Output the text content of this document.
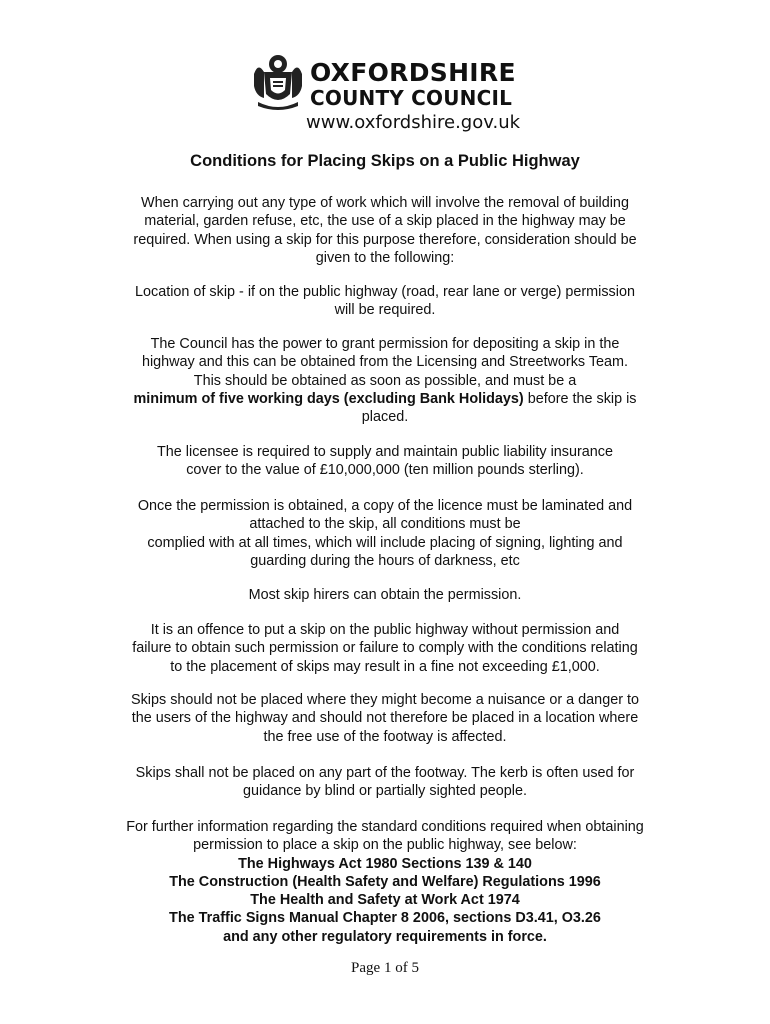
OXFORDSHIRE
COUNTY COUNCIL
www.oxfordshire.gov.uk
Conditions for Placing Skips on a Public Highway
When carrying out any type of work which will involve the removal of building
material, garden refuse, etc, the use of a skip placed in the highway may be
required. When using a skip for this purpose therefore, consideration should be
given to the following:
Location of skip - if on the public highway (road, rear lane or verge) permission
will be required.
The Council has the power to grant permission for depositing a skip in the
highway and this can be obtained from the Licensing and Streetworks Team.
This should be obtained as soon as possible, and must be a
minimum of five working days (excluding Bank Holidays) before the skip is
placed.
The licensee is required to supply and maintain public liability insurance
cover to the value of £10,000,000 (ten million pounds sterling).
Once the permission is obtained, a copy of the licence must be laminated and
attached to the skip, all conditions must be
complied with at all times, which will include placing of signing, lighting and
guarding during the hours of darkness, etc
Most skip hirers can obtain the permission.
It is an offence to put a skip on the public highway without permission and
failure to obtain such permission or failure to comply with the conditions relating
to the placement of skips may result in a fine not exceeding £1,000.
Skips should not be placed where they might become a nuisance or a danger to
the users of the highway and should not therefore be placed in a location where
the free use of the footway is affected.
Skips shall not be placed on any part of the footway. The kerb is often used for
guidance by blind or partially sighted people.
For further information regarding the standard conditions required when obtaining
permission to place a skip on the public highway, see below:
The Highways Act 1980 Sections 139 & 140
The Construction (Health Safety and Welfare) Regulations 1996
The Health and Safety at Work Act 1974
The Traffic Signs Manual Chapter 8 2006, sections D3.41, O3.26
and any other regulatory requirements in force.
Page 1 of 5
